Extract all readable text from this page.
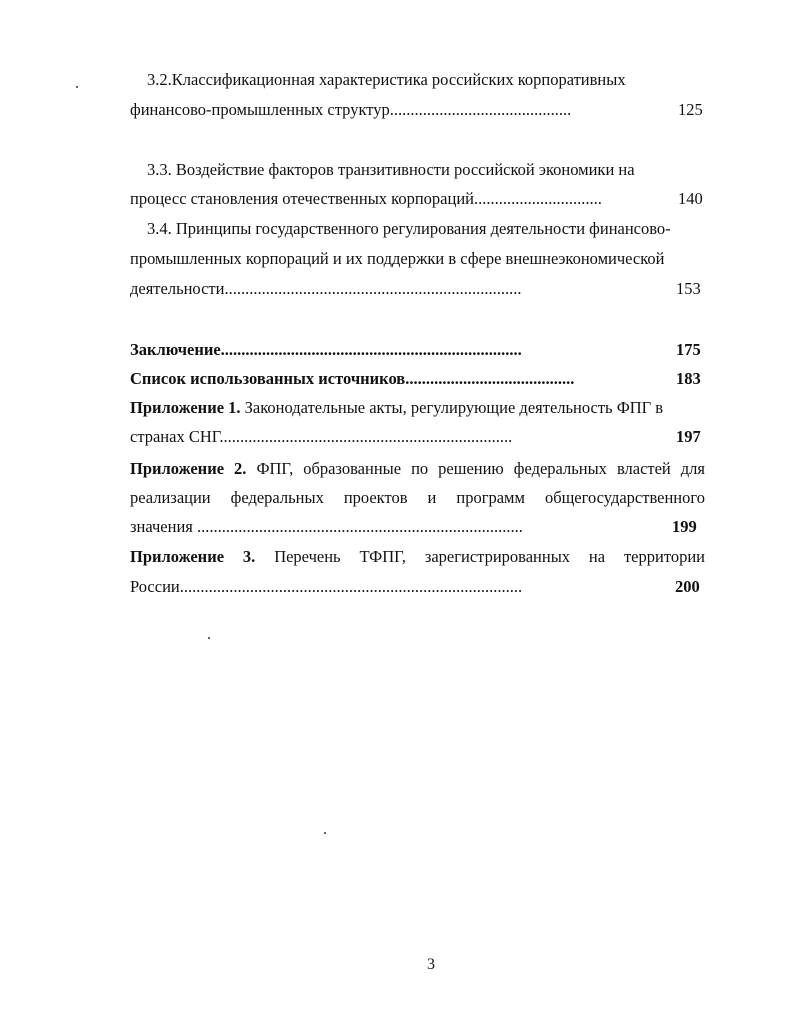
3.2.Классификационная характеристика российских корпоративных
финансово-промышленных структур............................................	125
3.3. Воздействие факторов транзитивности российской экономики на
процесс становления отечественных корпораций...............................	140
3.4. Принципы государственного регулирования деятельности финансово-
промышленных корпораций и их поддержки в сфере внешнеэкономической
деятельности........................................................................	153
Заключение.........................................................................	175
Список использованных источников.........................................	183
Приложение 1. Законодательные акты, регулирующие деятельность ФПГ в
странах СНГ.......................................................................	197
Приложение 2. ФПГ, образованные по решению федеральных властей для
реализации федеральных проектов и программ общегосударственного
значения ...............................................................................	199
Приложение 3. Перечень ТФПГ, зарегистрированных на территории
России...................................................................................	200
3
